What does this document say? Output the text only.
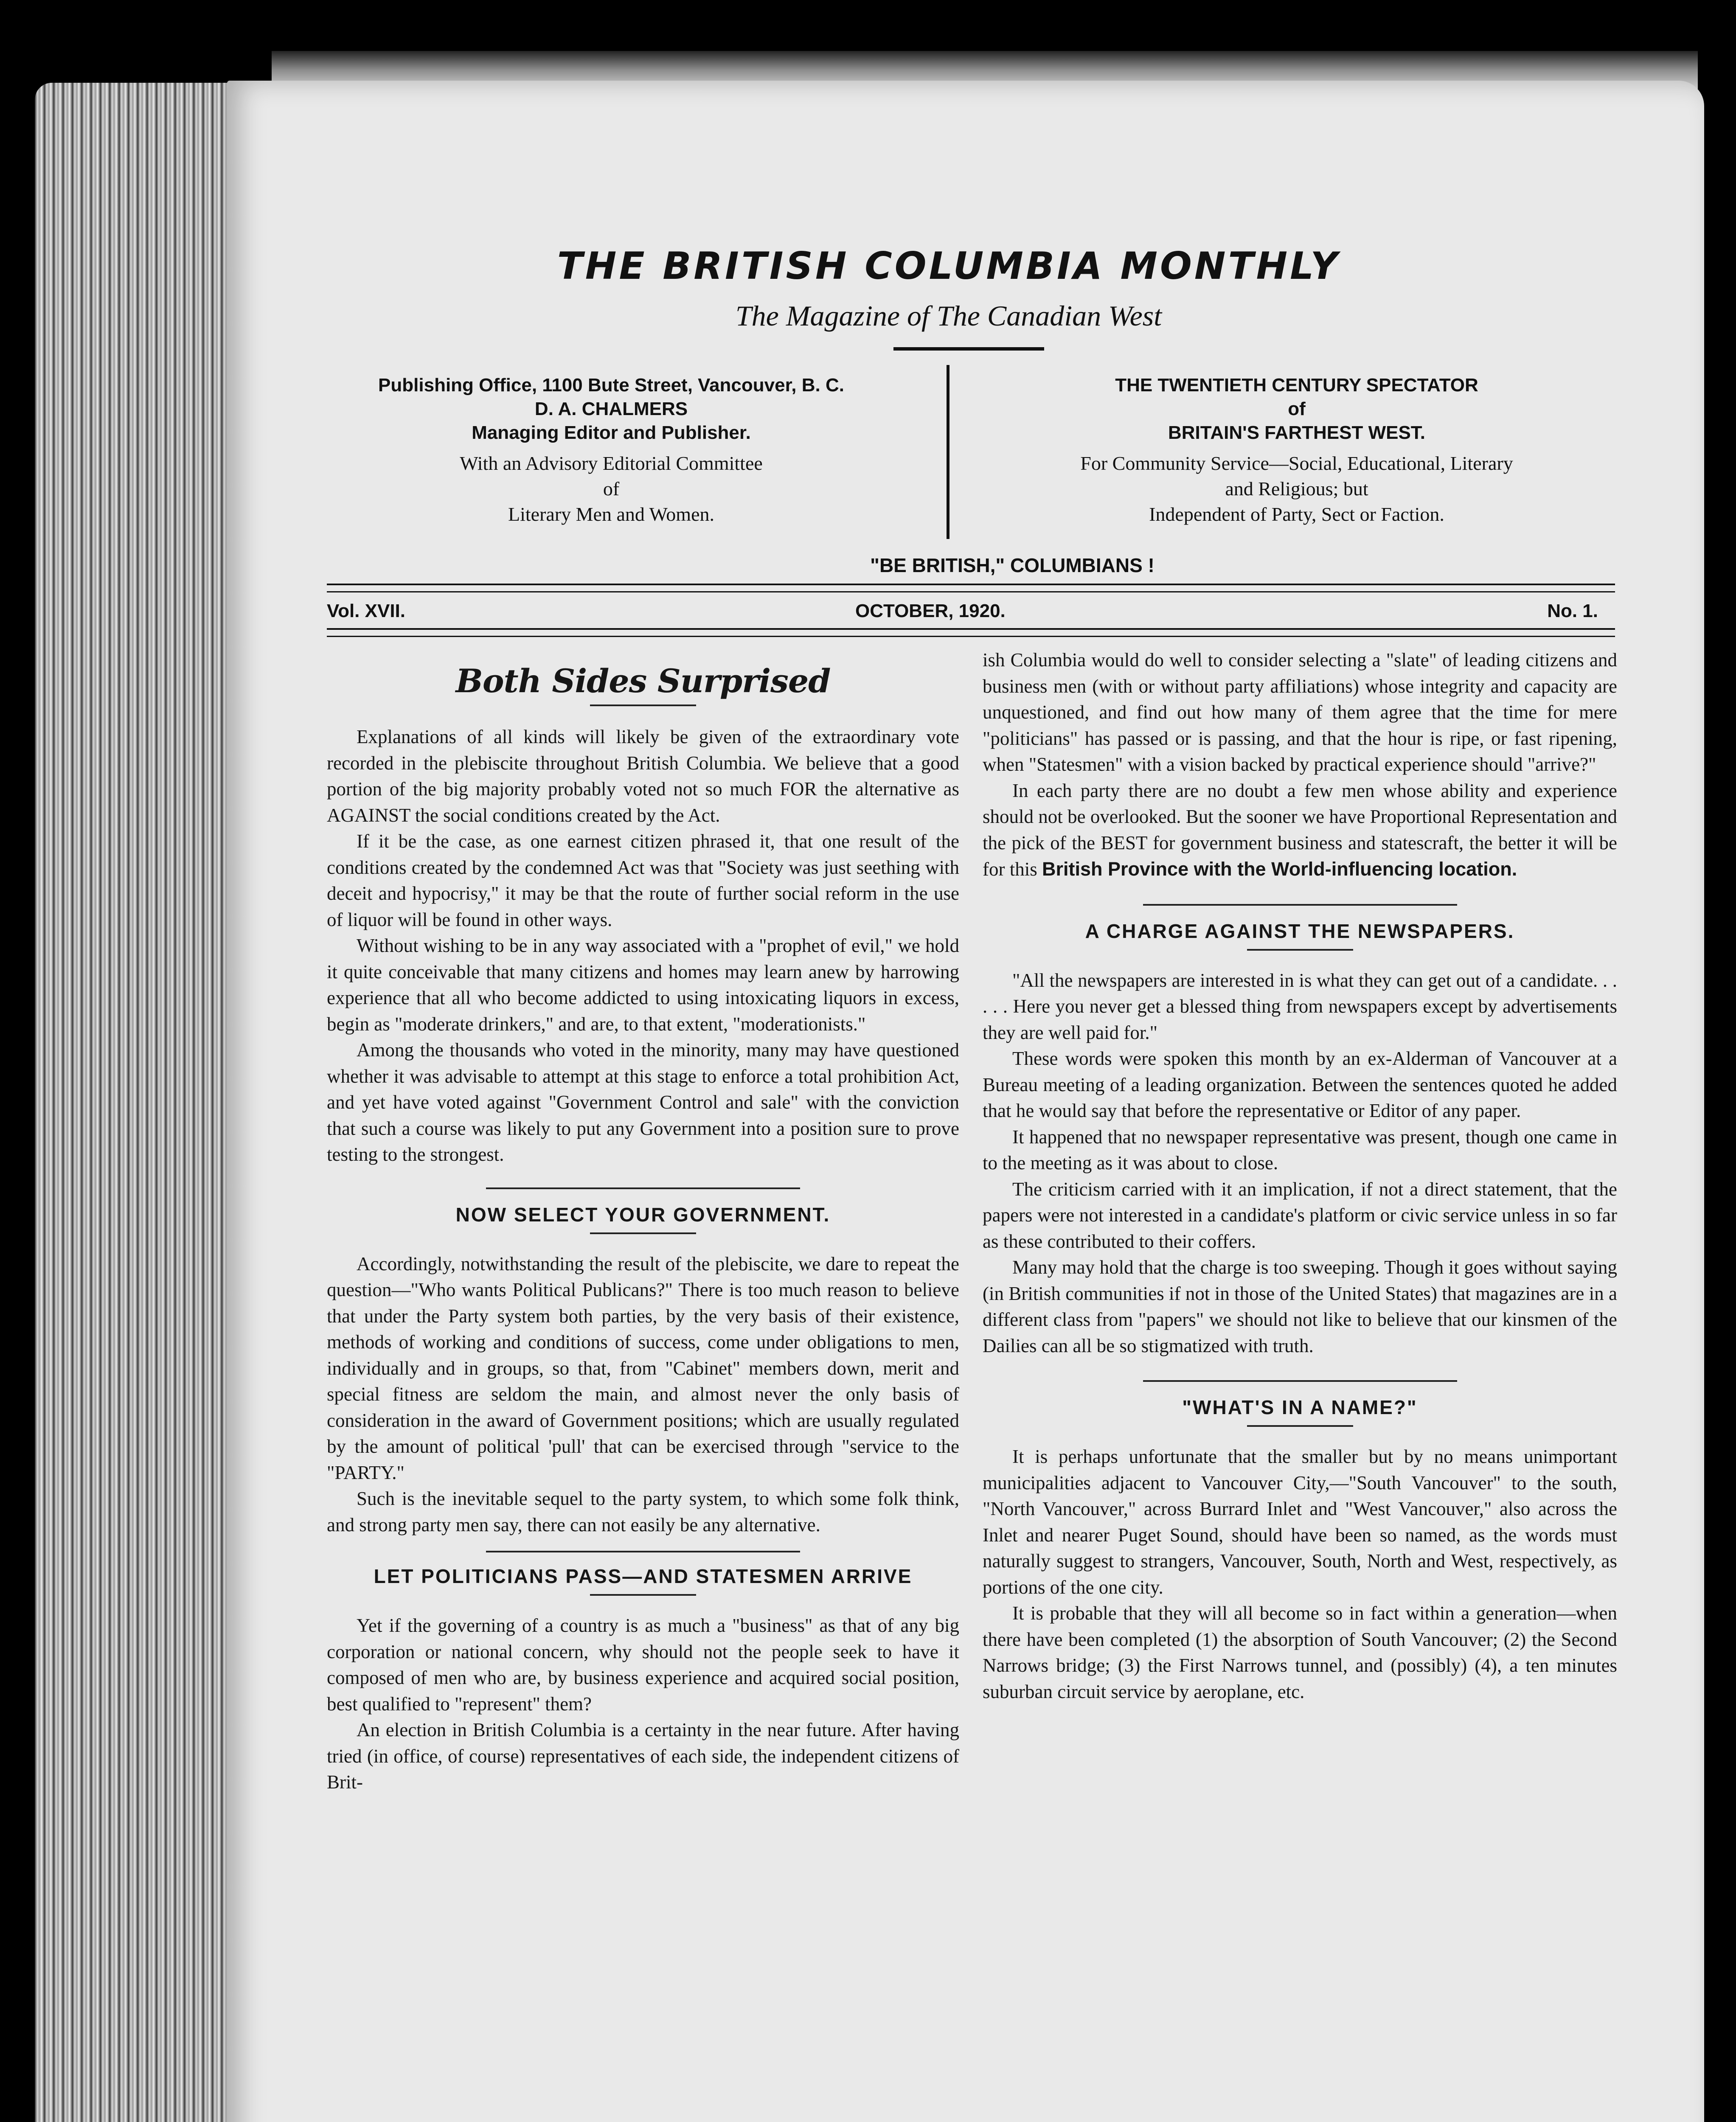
THE BRITISH COLUMBIA MONTHLY
The Magazine of The Canadian West
Publishing Office, 1100 Bute Street, Vancouver, B. C.
D. A. CHALMERS
Managing Editor and Publisher.
With an Advisory Editorial Committee
of
Literary Men and Women.
THE TWENTIETH CENTURY SPECTATOR
of
BRITAIN'S FARTHEST WEST.
For Community Service—Social, Educational, Literary
and Religious; but
Independent of Party, Sect or Faction.
"BE BRITISH," COLUMBIANS !
Vol. XVII.	OCTOBER, 1920.	No. 1.
Both Sides Surprised

Explanations of all kinds will likely be given of the extraordinary vote recorded in the plebiscite throughout British Columbia. We believe that a good portion of the big majority probably voted not so much FOR the alternative as AGAINST the social conditions created by the Act.

If it be the case, as one earnest citizen phrased it, that one result of the conditions created by the condemned Act was that "Society was just seething with deceit and hypocrisy," it may be that the route of further social reform in the use of liquor will be found in other ways.

Without wishing to be in any way associated with a "prophet of evil," we hold it quite conceivable that many citizens and homes may learn anew by harrowing experience that all who become addicted to using intoxicating liquors in excess, begin as "moderate drinkers," and are, to that extent, "moderationists."

Among the thousands who voted in the minority, many may have questioned whether it was advisable to attempt at this stage to enforce a total prohibition Act, and yet have voted against "Government Control and sale" with the conviction that such a course was likely to put any Government into a position sure to prove testing to the strongest.

NOW SELECT YOUR GOVERNMENT.

Accordingly, notwithstanding the result of the plebiscite, we dare to repeat the question—"Who wants Political Publicans?" There is too much reason to believe that under the Party system both parties, by the very basis of their existence, methods of working and conditions of success, come under obligations to men, individually and in groups, so that, from "Cabinet" members down, merit and special fitness are seldom the main, and almost never the only basis of consideration in the award of Government positions; which are usually regulated by the amount of political 'pull' that can be exercised through "service to the "PARTY."

Such is the inevitable sequel to the party system, to which some folk think, and strong party men say, there can not easily be any alternative.

LET POLITICIANS PASS—AND STATESMEN ARRIVE

Yet if the governing of a country is as much a "business" as that of any big corporation or national concern, why should not the people seek to have it composed of men who are, by business experience and acquired social position, best qualified to "represent" them?

An election in British Columbia is a certainty in the near future. After having tried (in office, of course) representatives of each side, the independent citizens of Brit-

ish Columbia would do well to consider selecting a "slate" of leading citizens and business men (with or without party affiliations) whose integrity and capacity are unquestioned, and find out how many of them agree that the time for mere "politicians" has passed or is passing, and that the hour is ripe, or fast ripening, when "Statesmen" with a vision backed by practical experience should "arrive?"

In each party there are no doubt a few men whose ability and experience should not be overlooked. But the sooner we have Proportional Representation and the pick of the BEST for government business and statescraft, the better it will be for this British Province with the World-influencing location.

A CHARGE AGAINST THE NEWSPAPERS.

"All the newspapers are interested in is what they can get out of a candidate. . . . . . Here you never get a blessed thing from newspapers except by advertisements they are well paid for."

These words were spoken this month by an ex-Alderman of Vancouver at a Bureau meeting of a leading organization. Between the sentences quoted he added that he would say that before the representative or Editor of any paper.

It happened that no newspaper representative was present, though one came in to the meeting as it was about to close.

The criticism carried with it an implication, if not a direct statement, that the papers were not interested in a candidate's platform or civic service unless in so far as these contributed to their coffers.

Many may hold that the charge is too sweeping. Though it goes without saying (in British communities if not in those of the United States) that magazines are in a different class from "papers" we should not like to believe that our kinsmen of the Dailies can all be so stigmatized with truth.

"WHAT'S IN A NAME?"

It is perhaps unfortunate that the smaller but by no means unimportant municipalities adjacent to Vancouver City,—"South Vancouver" to the south, "North Vancouver," across Burrard Inlet and "West Vancouver," also across the Inlet and nearer Puget Sound, should have been so named, as the words must naturally suggest to strangers, Vancouver, South, North and West, respectively, as portions of the one city.

It is probable that they will all become so in fact within a generation—when there have been completed (1) the absorption of South Vancouver; (2) the Second Narrows bridge; (3) the First Narrows tunnel, and (possibly) (4), a ten minutes suburban circuit service by aeroplane, etc.
